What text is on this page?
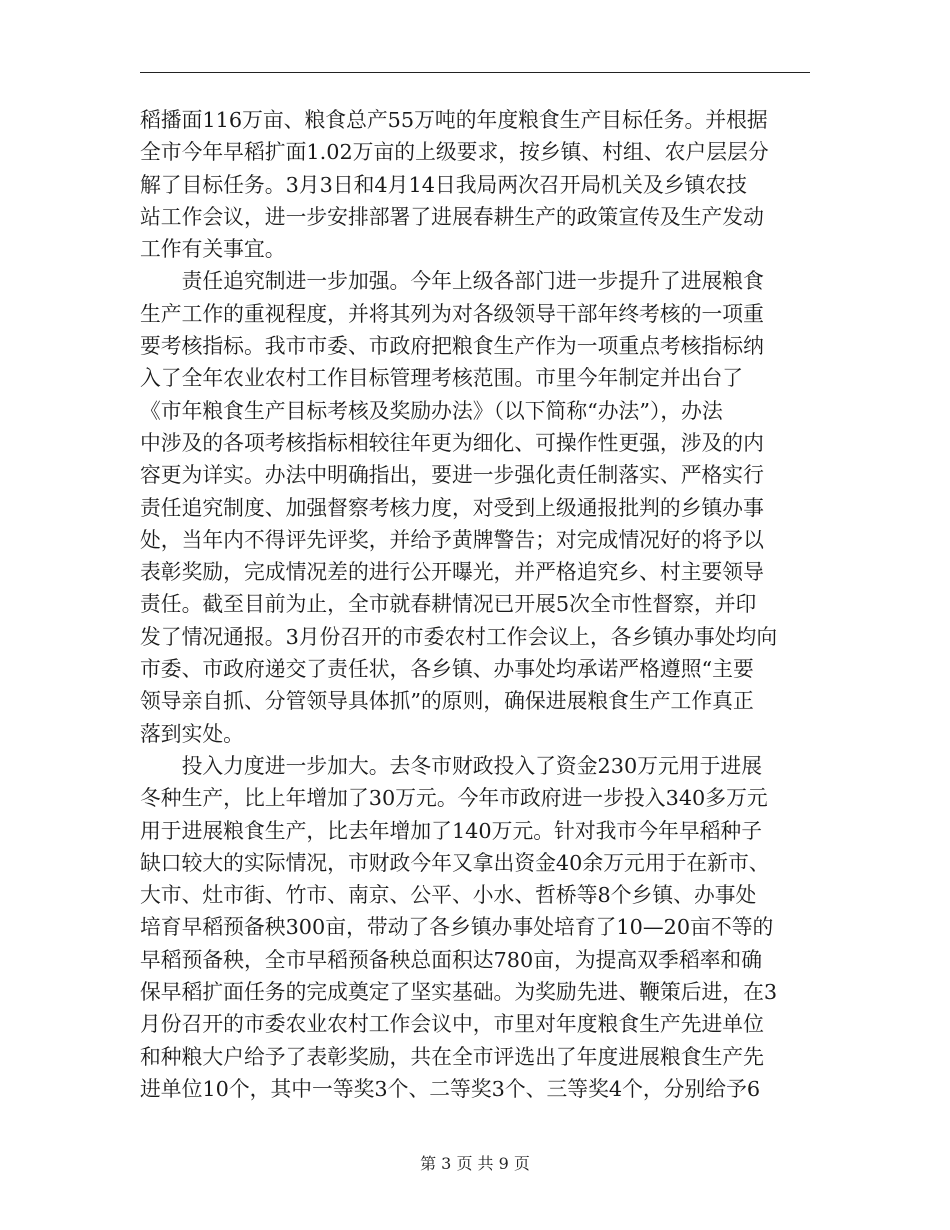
稻播面116万亩、粮食总产55万吨的年度粮食生产目标任务。并根据
全市今年早稻扩面1.02万亩的上级要求，按乡镇、村组、农户层层分
解了目标任务。3月3日和4月14日我局两次召开局机关及乡镇农技
站工作会议，进一步安排部署了进展春耕生产的政策宣传及生产发动
工作有关事宜。
　　责任追究制进一步加强。今年上级各部门进一步提升了进展粮食
生产工作的重视程度，并将其列为对各级领导干部年终考核的一项重
要考核指标。我市市委、市政府把粮食生产作为一项重点考核指标纳
入了全年农业农村工作目标管理考核范围。市里今年制定并出台了
《市年粮食生产目标考核及奖励办法》（以下简称“办法”），办法
中涉及的各项考核指标相较往年更为细化、可操作性更强，涉及的内
容更为详实。办法中明确指出，要进一步强化责任制落实、严格实行
责任追究制度、加强督察考核力度，对受到上级通报批判的乡镇办事
处，当年内不得评先评奖，并给予黄牌警告；对完成情况好的将予以
表彰奖励，完成情况差的进行公开曝光，并严格追究乡、村主要领导
责任。截至目前为止，全市就春耕情况已开展5次全市性督察，并印
发了情况通报。3月份召开的市委农村工作会议上，各乡镇办事处均向
市委、市政府递交了责任状，各乡镇、办事处均承诺严格遵照“主要
领导亲自抓、分管领导具体抓”的原则，确保进展粮食生产工作真正
落到实处。
　　投入力度进一步加大。去冬市财政投入了资金230万元用于进展
冬种生产，比上年增加了30万元。今年市政府进一步投入340多万元
用于进展粮食生产，比去年增加了140万元。针对我市今年早稻种子
缺口较大的实际情况，市财政今年又拿出资金40余万元用于在新市、
大市、灶市街、竹市、南京、公平、小水、哲桥等8个乡镇、办事处
培育早稻预备秧300亩，带动了各乡镇办事处培育了10—20亩不等的
早稻预备秧，全市早稻预备秧总面积达780亩，为提高双季稻率和确
保早稻扩面任务的完成奠定了坚实基础。为奖励先进、鞭策后进，在3
月份召开的市委农业农村工作会议中，市里对年度粮食生产先进单位
和种粮大户给予了表彰奖励，共在全市评选出了年度进展粮食生产先
进单位10个，其中一等奖3个、二等奖3个、三等奖4个，分别给予6
第 3 页 共 9 页
